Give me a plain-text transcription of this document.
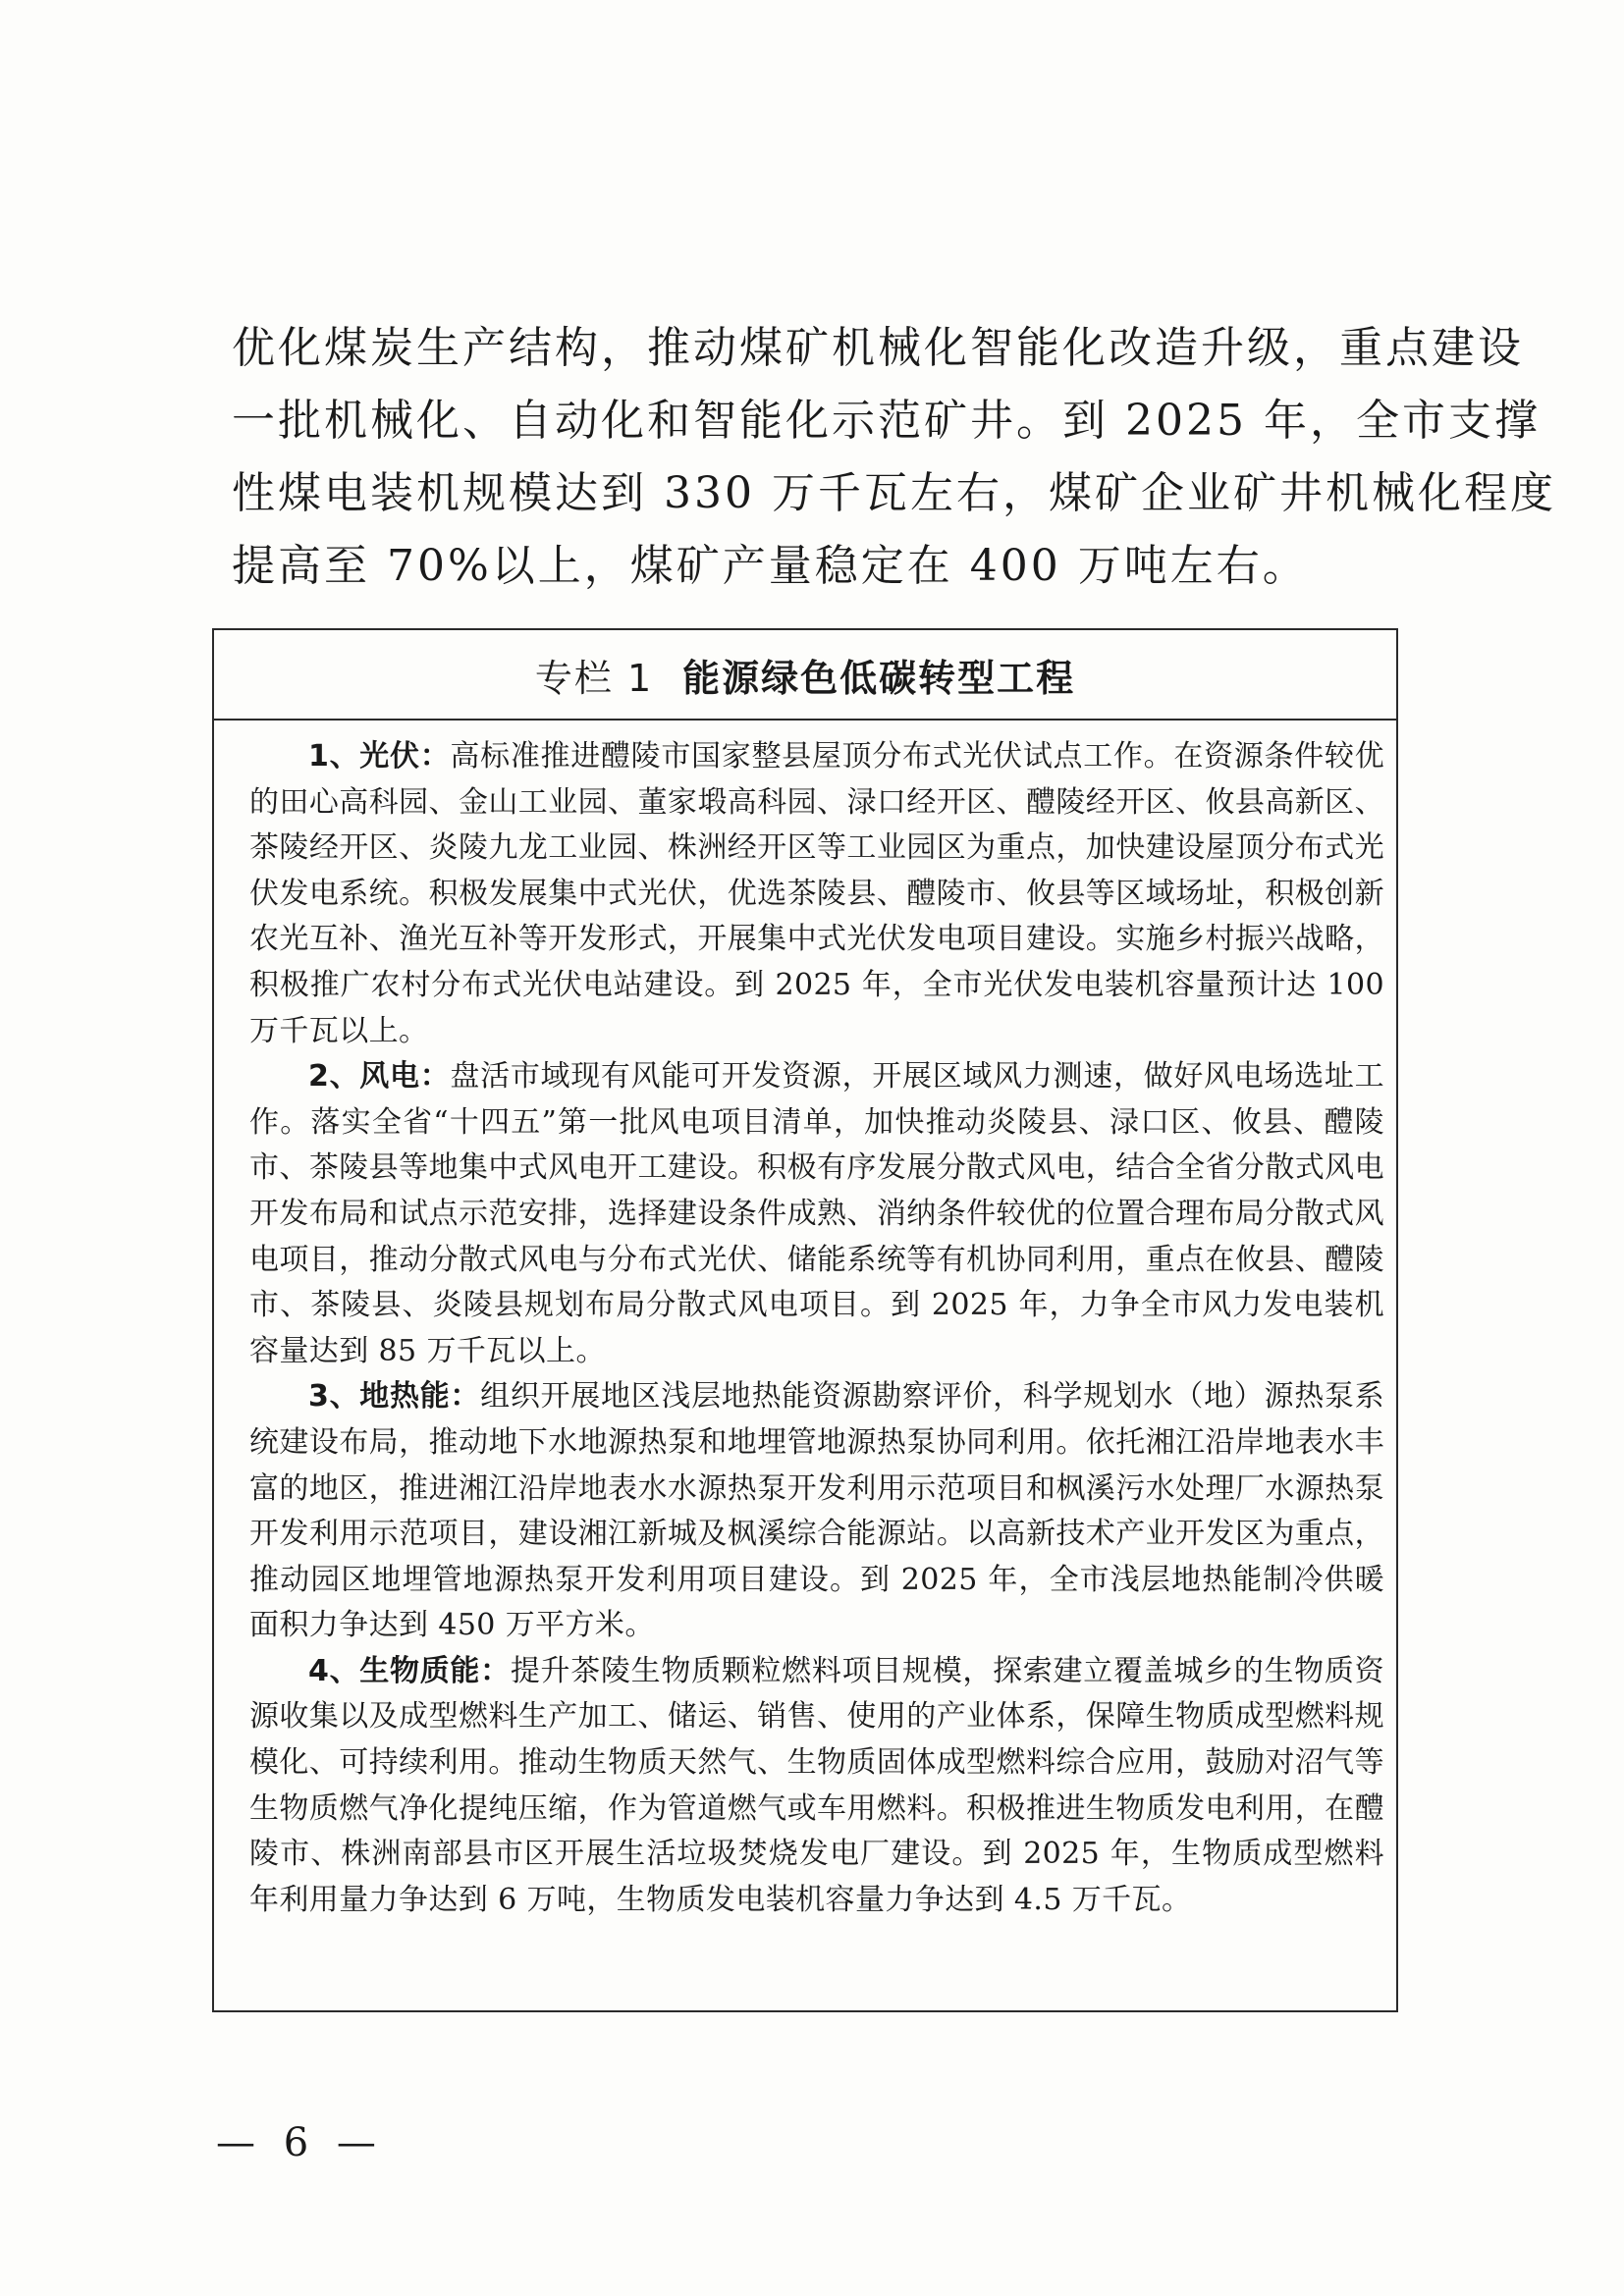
优化煤炭生产结构，推动煤矿机械化智能化改造升级，重点建设
一批机械化、自动化和智能化示范矿井。到 2025 年，全市支撑
性煤电装机规模达到 330 万千瓦左右，煤矿企业矿井机械化程度
提高至 70%以上，煤矿产量稳定在 400 万吨左右。
专栏 1 能源绿色低碳转型工程

1、光伏：高标准推进醴陵市国家整县屋顶分布式光伏试点工作。在资源条件较优的田心高科园、金山工业园、董家塅高科园、渌口经开区、醴陵经开区、攸县高新区、茶陵经开区、炎陵九龙工业园、株洲经开区等工业园区为重点，加快建设屋顶分布式光伏发电系统。积极发展集中式光伏，优选茶陵县、醴陵市、攸县等区域场址，积极创新农光互补、渔光互补等开发形式，开展集中式光伏发电项目建设。实施乡村振兴战略，积极推广农村分布式光伏电站建设。到 2025 年，全市光伏发电装机容量预计达 100 万千瓦以上。

2、风电：盘活市域现有风能可开发资源，开展区域风力测速，做好风电场选址工作。落实全省“十四五”第一批风电项目清单，加快推动炎陵县、渌口区、攸县、醴陵市、茶陵县等地集中式风电开工建设。积极有序发展分散式风电，结合全省分散式风电开发布局和试点示范安排，选择建设条件成熟、消纳条件较优的位置合理布局分散式风电项目，推动分散式风电与分布式光伏、储能系统等有机协同利用，重点在攸县、醴陵市、茶陵县、炎陵县规划布局分散式风电项目。到 2025 年，力争全市风力发电装机容量达到 85 万千瓦以上。

3、地热能：组织开展地区浅层地热能资源勘察评价，科学规划水（地）源热泵系统建设布局，推动地下水地源热泵和地埋管地源热泵协同利用。依托湘江沿岸地表水丰富的地区，推进湘江沿岸地表水水源热泵开发利用示范项目和枫溪污水处理厂水源热泵开发利用示范项目，建设湘江新城及枫溪综合能源站。以高新技术产业开发区为重点，推动园区地埋管地源热泵开发利用项目建设。到 2025 年，全市浅层地热能制冷供暖面积力争达到 450 万平方米。

4、生物质能：提升茶陵生物质颗粒燃料项目规模，探索建立覆盖城乡的生物质资源收集以及成型燃料生产加工、储运、销售、使用的产业体系，保障生物质成型燃料规模化、可持续利用。推动生物质天然气、生物质固体成型燃料综合应用，鼓励对沼气等生物质燃气净化提纯压缩，作为管道燃气或车用燃料。积极推进生物质发电利用，在醴陵市、株洲南部县市区开展生活垃圾焚烧发电厂建设。到 2025 年，生物质成型燃料年利用量力争达到 6 万吨，生物质发电装机容量力争达到 4.5 万千瓦。

— 6 —
